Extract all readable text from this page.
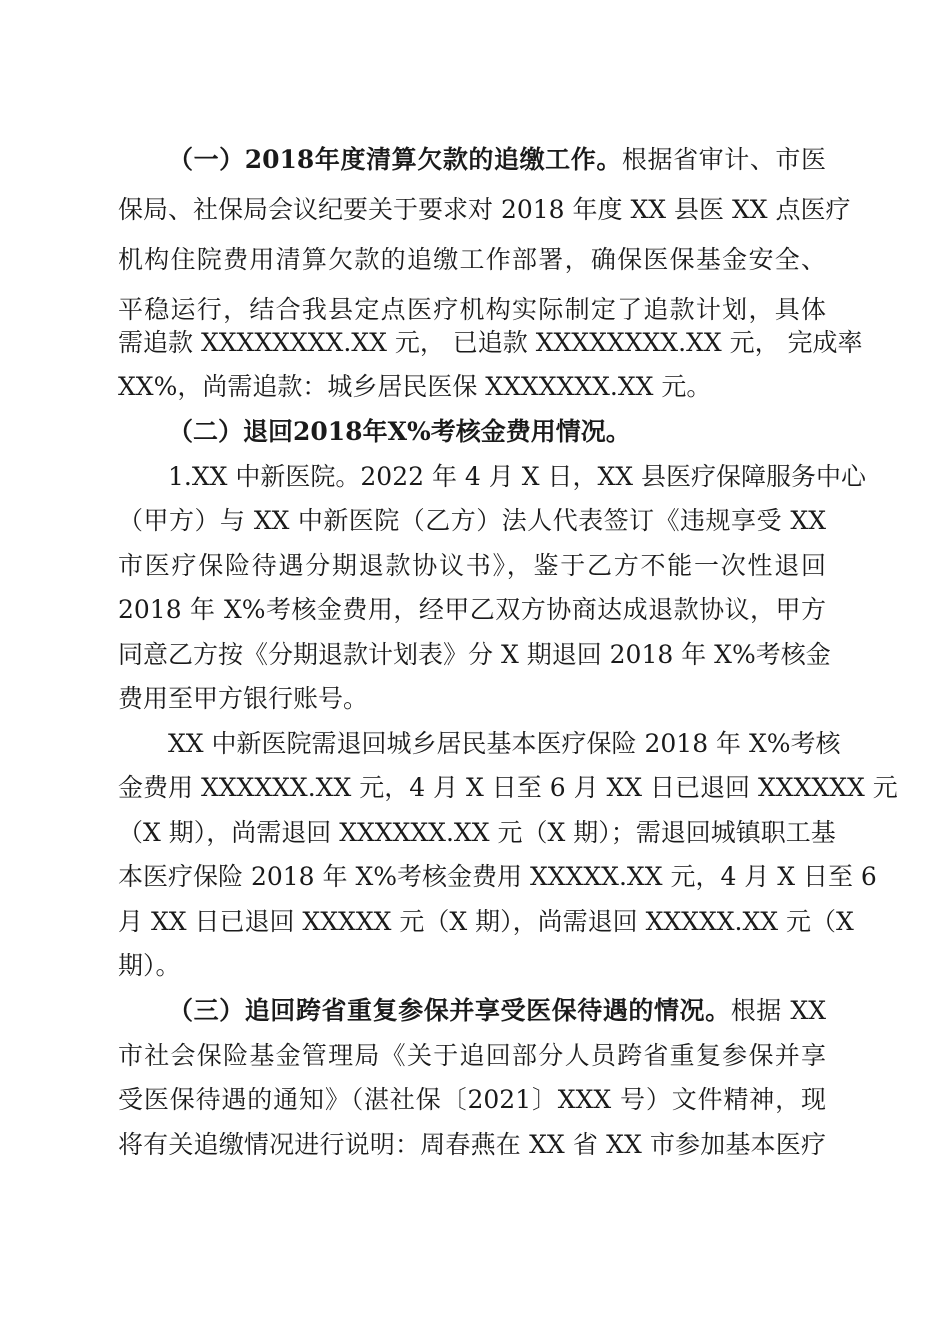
（一）2018年度清算欠款的追缴工作。根据省审计、市医
保局、社保局会议纪要关于要求对 2018 年度 XX 县医 XX 点医疗
机构住院费用清算欠款的追缴工作部署，确保医保基金安全、
平稳运行，结合我县定点医疗机构实际制定了追款计划，具体
需追款 XXXXXXXX.XX 元， 已追款 XXXXXXXX.XX 元， 完成率
XX%，尚需追款：城乡居民医保 XXXXXXX.XX 元。
（二）退回2018年X%考核金费用情况。
1.XX 中新医院。2022 年 4 月 X 日，XX 县医疗保障服务中心
（甲方）与 XX 中新医院（乙方）法人代表签订《违规享受 XX
市医疗保险待遇分期退款协议书》，鉴于乙方不能一次性退回
2018 年 X%考核金费用，经甲乙双方协商达成退款协议，甲方
同意乙方按《分期退款计划表》分 X 期退回 2018 年 X%考核金
费用至甲方银行账号。
XX 中新医院需退回城乡居民基本医疗保险 2018 年 X%考核
金费用 XXXXXX.XX 元，4 月 X 日至 6 月 XX 日已退回 XXXXXX 元
（X 期），尚需退回 XXXXXX.XX 元（X 期）；需退回城镇职工基
本医疗保险 2018 年 X%考核金费用 XXXXX.XX 元，4 月 X 日至 6
月 XX 日已退回 XXXXX 元（X 期），尚需退回 XXXXX.XX 元（X
期）。
（三）追回跨省重复参保并享受医保待遇的情况。根据 XX
市社会保险基金管理局《关于追回部分人员跨省重复参保并享
受医保待遇的通知》（湛社保〔2021〕XXX 号）文件精神，现
将有关追缴情况进行说明：周春燕在 XX 省 XX 市参加基本医疗
